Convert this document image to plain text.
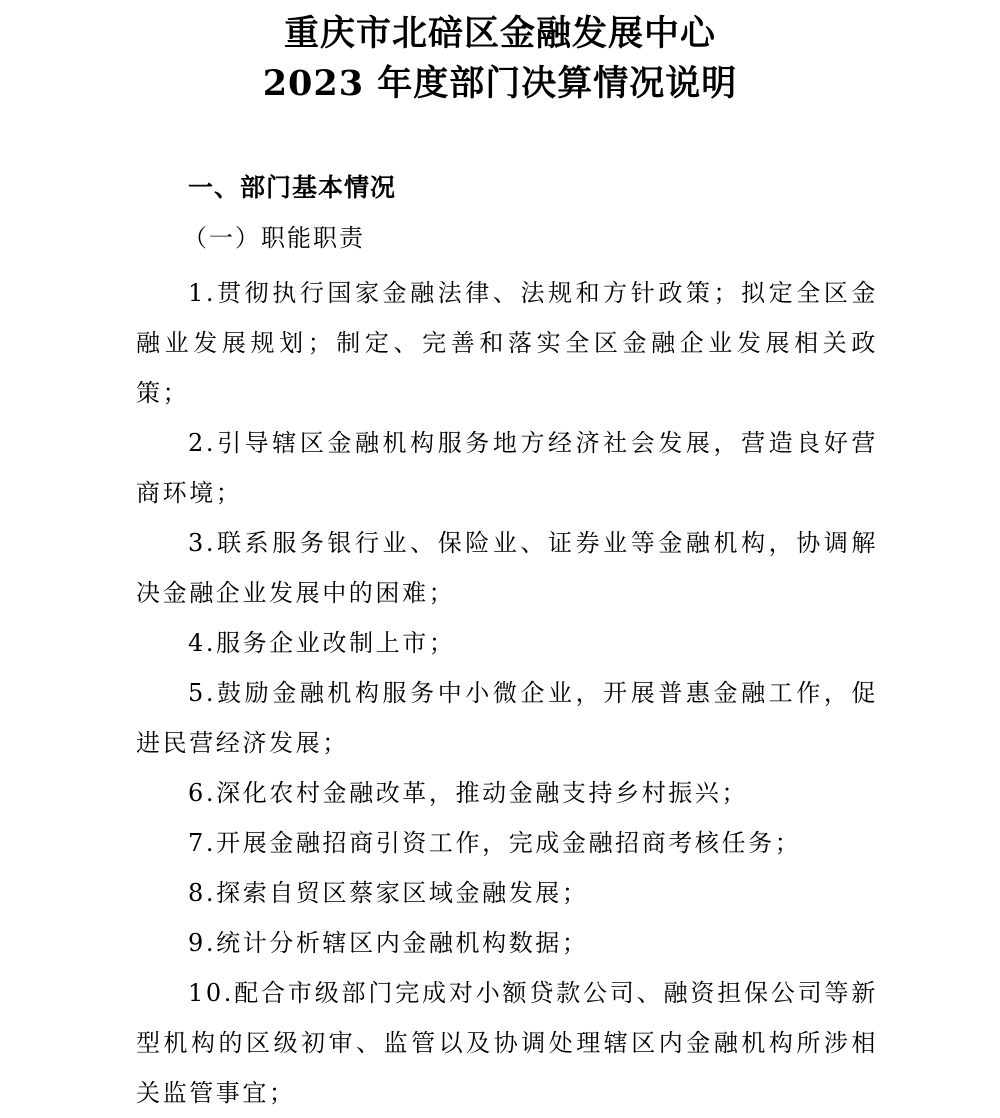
重庆市北碚区金融发展中心
2023 年度部门决算情况说明
一、部门基本情况
（一）职能职责

1.贯彻执行国家金融法律、法规和方针政策；拟定全区金融业发展规划；制定、完善和落实全区金融企业发展相关政策；

2.引导辖区金融机构服务地方经济社会发展，营造良好营商环境；

3.联系服务银行业、保险业、证券业等金融机构，协调解决金融企业发展中的困难；

4.服务企业改制上市；

5.鼓励金融机构服务中小微企业，开展普惠金融工作，促进民营经济发展；

6.深化农村金融改革，推动金融支持乡村振兴；

7.开展金融招商引资工作，完成金融招商考核任务；

8.探索自贸区蔡家区域金融发展；

9.统计分析辖区内金融机构数据；

10.配合市级部门完成对小额贷款公司、融资担保公司等新型机构的区级初审、监管以及协调处理辖区内金融机构所涉相关监管事宜；
